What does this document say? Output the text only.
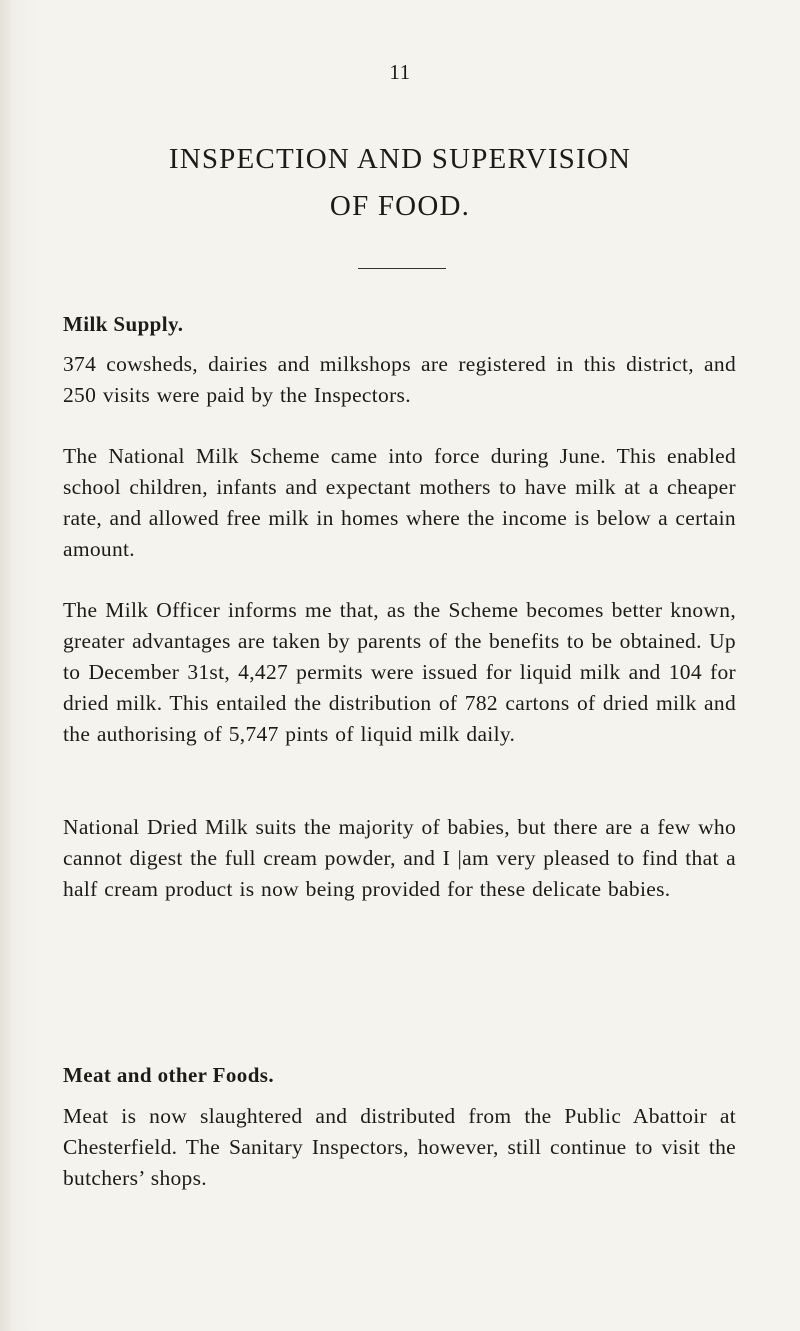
11
INSPECTION AND SUPERVISION
OF FOOD.
Milk Supply.

374 cowsheds, dairies and milkshops are registered in this district, and 250 visits were paid by the Inspectors.

The National Milk Scheme came into force during June. This enabled school children, infants and expectant mothers to have milk at a cheaper rate, and allowed free milk in homes where the income is below a certain amount.

The Milk Officer informs me that, as the Scheme becomes better known, greater advantages are taken by parents of the benefits to be obtained. Up to December 31st, 4,427 permits were issued for liquid milk and 104 for dried milk. This entailed the distribution of 782 cartons of dried milk and the authorising of 5,747 pints of liquid milk daily.

National Dried Milk suits the majority of babies, but there are a few who cannot digest the full cream powder, and I |am very pleased to find that a half cream product is now being provided for these delicate babies.

Meat and other Foods.

Meat is now slaughtered and distributed from the Public Abattoir at Chesterfield. The Sanitary Inspectors, however, still continue to visit the butchers’ shops.
